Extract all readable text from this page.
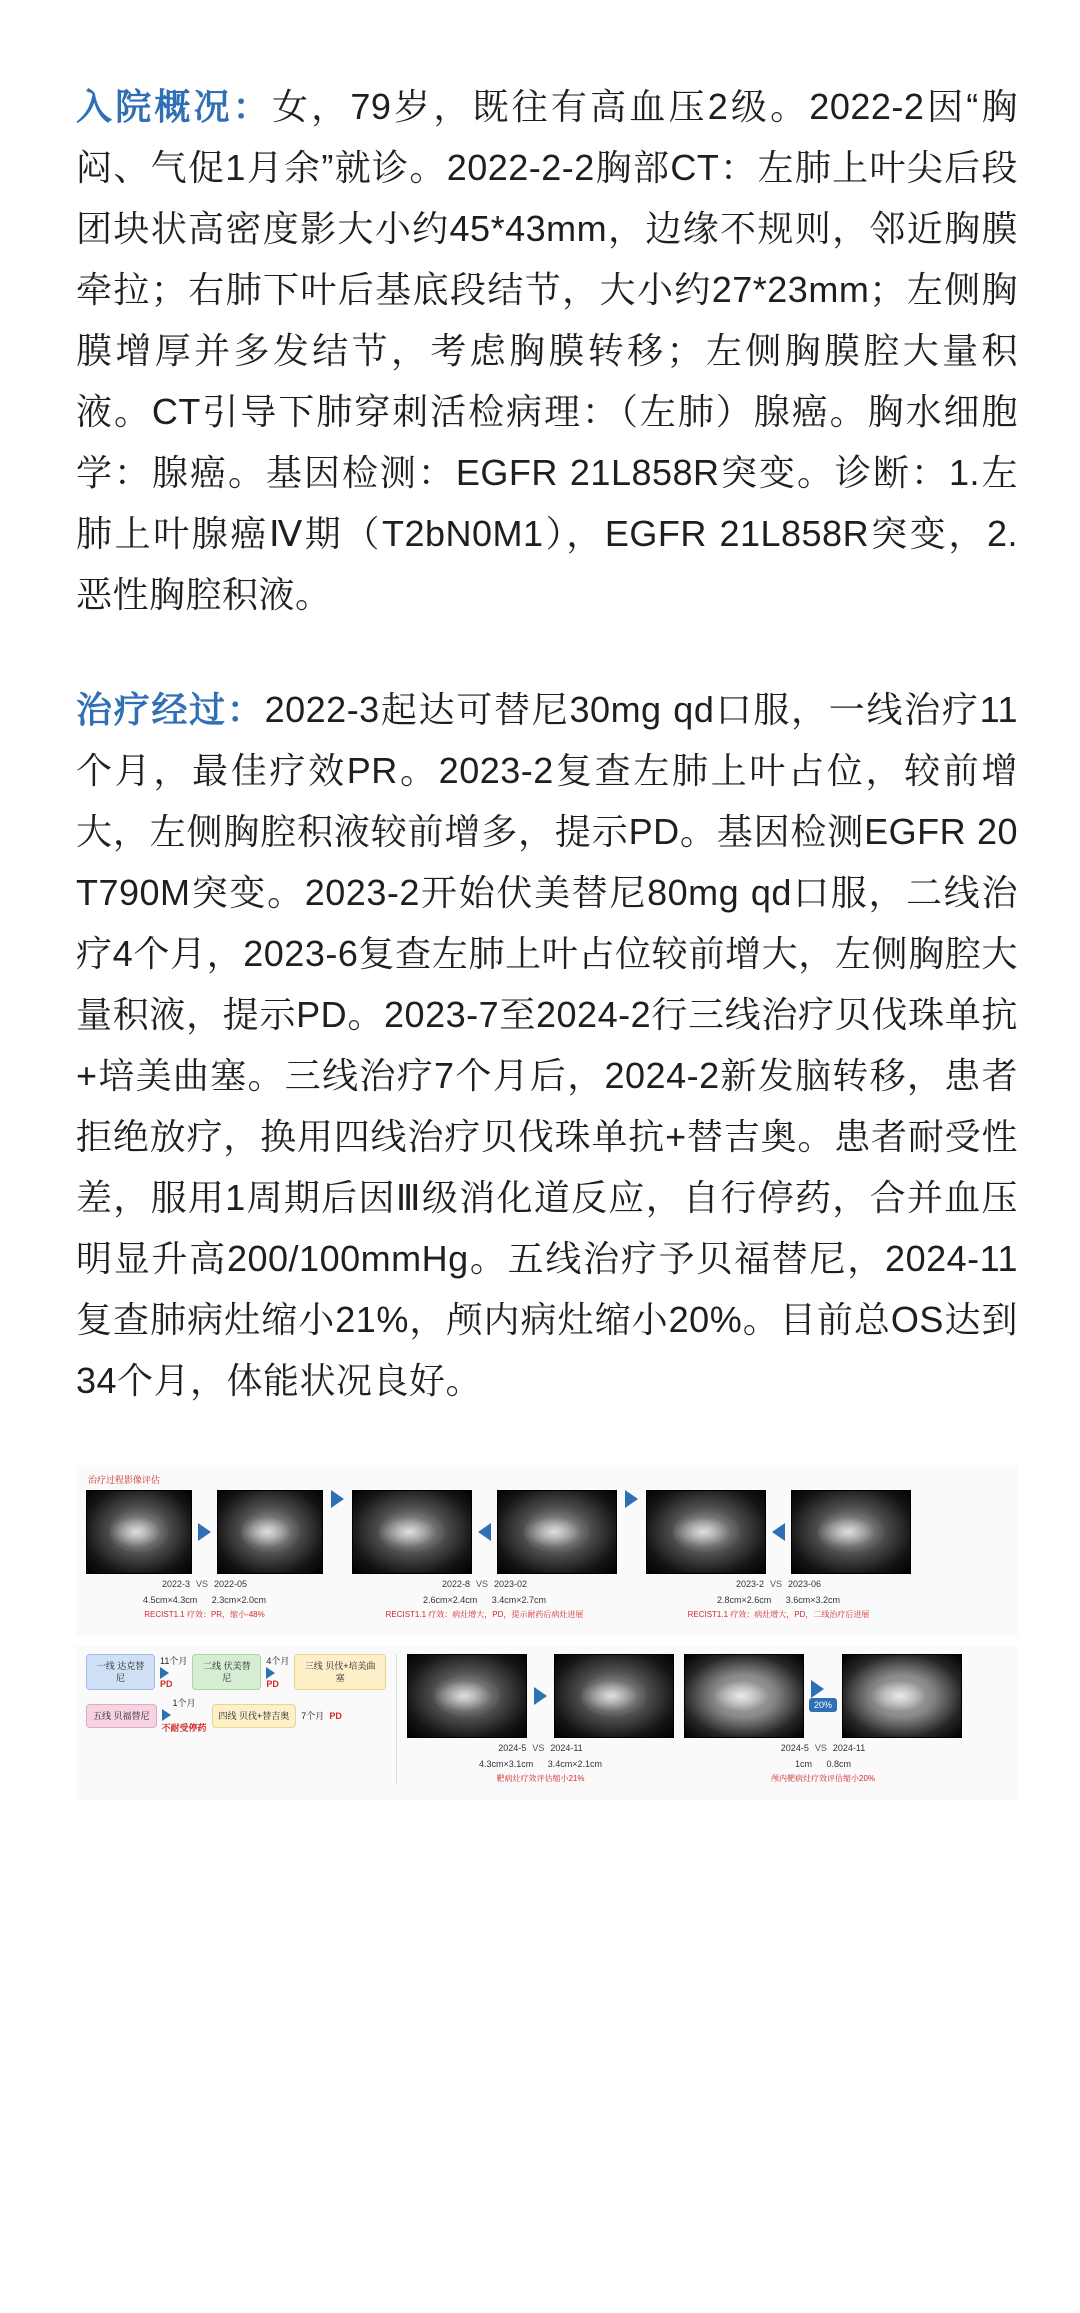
入院概况：女，79岁，既往有高血压2级。2022-2因“胸闷、气促1月余”就诊。2022-2-2胸部CT：左肺上叶尖后段团块状高密度影大小约45*43mm，边缘不规则，邻近胸膜牵拉；右肺下叶后基底段结节，大小约27*23mm；左侧胸膜增厚并多发结节，考虑胸膜转移；左侧胸膜腔大量积液。CT引导下肺穿刺活检病理：（左肺）腺癌。胸水细胞学：腺癌。基因检测：EGFR 21L858R突变。诊断：1.左肺上叶腺癌Ⅳ期（T2bN0M1），EGFR 21L858R突变，2.恶性胸腔积液。

治疗经过：2022-3起达可替尼30mg qd口服，一线治疗11个月，最佳疗效PR。2023-2复查左肺上叶占位，较前增大，左侧胸腔积液较前增多，提示PD。基因检测EGFR 20 T790M突变。2023-2开始伏美替尼80mg qd口服，二线治疗4个月，2023-6复查左肺上叶占位较前增大，左侧胸腔大量积液，提示PD。2023-7至2024-2行三线治疗贝伐珠单抗+培美曲塞。三线治疗7个月后，2024-2新发脑转移，患者拒绝放疗，换用四线治疗贝伐珠单抗+替吉奥。患者耐受性差，服用1周期后因Ⅲ级消化道反应，自行停药，合并血压明显升高200/100mmHg。五线治疗予贝福替尼，2024-11复查肺病灶缩小21%，颅内病灶缩小20%。目前总OS达到34个月，体能状况良好。

治疗过程影像评估
2022-3 VS 2022-05
4.5cm×4.3cm 2.3cm×2.0cm
RECIST1.1 疗效：PR，缩小-48%
2022-8 VS 2023-02
2.6cm×2.4cm 3.4cm×2.7cm
RECIST1.1 疗效：病灶增大，PD，提示耐药后病灶进展
2023-2 VS 2023-06
2.8cm×2.6cm 3.6cm×3.2cm
RECIST1.1 疗效：病灶增大，PD，二线治疗后进展
一线 达克替尼
11个月
PD
二线 伏美替尼
4个月
PD
三线 贝伐+培美曲塞
五线 贝福替尼
1个月
不耐受停药
四线 贝伐+替吉奥	7个月 PD
2024-5 VS 2024-11
4.3cm×3.1cm 3.4cm×2.1cm
靶病灶疗效评估缩小21%
20%
2024-5 VS 2024-11
1cm 0.8cm
颅内靶病灶疗效评估缩小20%
